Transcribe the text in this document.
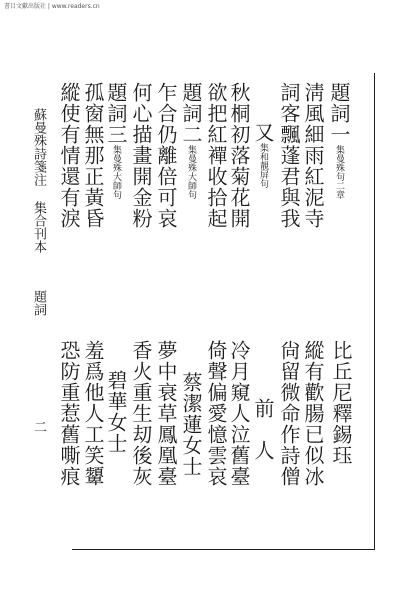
書目文獻出版社 | www.readers.cn
蘇曼殊詩箋注 集合刊本
題詞
二	比丘尼釋錫珏
縱有歡腸已似冰
尙留微命作詩僧
前　人
冷月窺人泣舊臺
倚聲偏愛憶雲哀
蔡潔蓮女士
夢中衰草鳳凰臺
香火重生刧後灰
碧華女士
羞爲他人工笑顰
恐防重惹舊嘶痕
題詞一集曼殊句二章
淸風細雨紅泥寺
詞客飄蓬君與我
又集和靚屏句
秋桐初落菊花開
欲把紅襌收拾起
題詞二集曼殊大師句
乍合仍離倍可哀
何心描畫開金粉
題詞三集曼殊大師句
孤窗無那正黃昏
縱使有情還有淚
